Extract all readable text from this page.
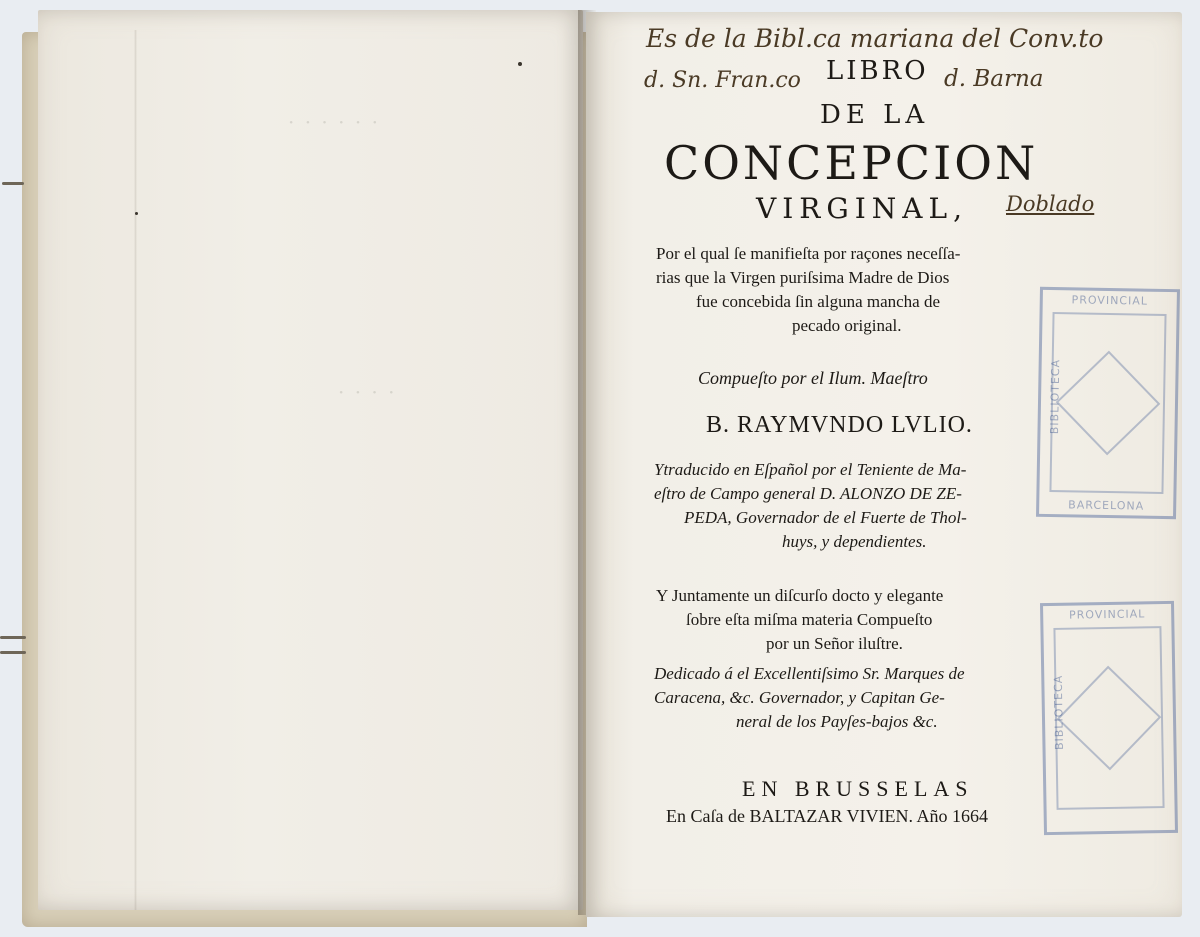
· · · · · ·
· · · ·
Es de la Bibl.ca mariana del Conv.to
d. Sn. Fran.co	d. Barna
Doblado
LIBRO
DE LA
CONCEPCION
VIRGINAL,
Por el qual ſe manifieſta por raçones neceſſa-
rias que la Virgen puriſsima Madre de Dios
fue concebida ſin alguna mancha de
pecado original.
Compueſto por el Ilum. Maeſtro
B. RAYMVNDO LVLIO.
Ytraducido en Eſpañol por el Teniente de Ma-
eſtro de Campo general D. ALONZO DE ZE-
PEDA, Governador de el Fuerte de Thol-
huys, y dependientes.
Y Juntamente un diſcurſo docto y elegante
ſobre eſta miſma materia Compueſto
por un Señor iluſtre.
Dedicado á el Excellentiſsimo Sr. Marques de
Caracena, &c. Governador, y Capitan Ge-
neral de los Payſes-bajos &c.
EN BRUSSELAS
En Caſa de BALTAZAR VIVIEN. Año 1664
PROVINCIAL
BARCELONA
BIBLIOTECA
PROVINCIAL
BIBLIOTECA
